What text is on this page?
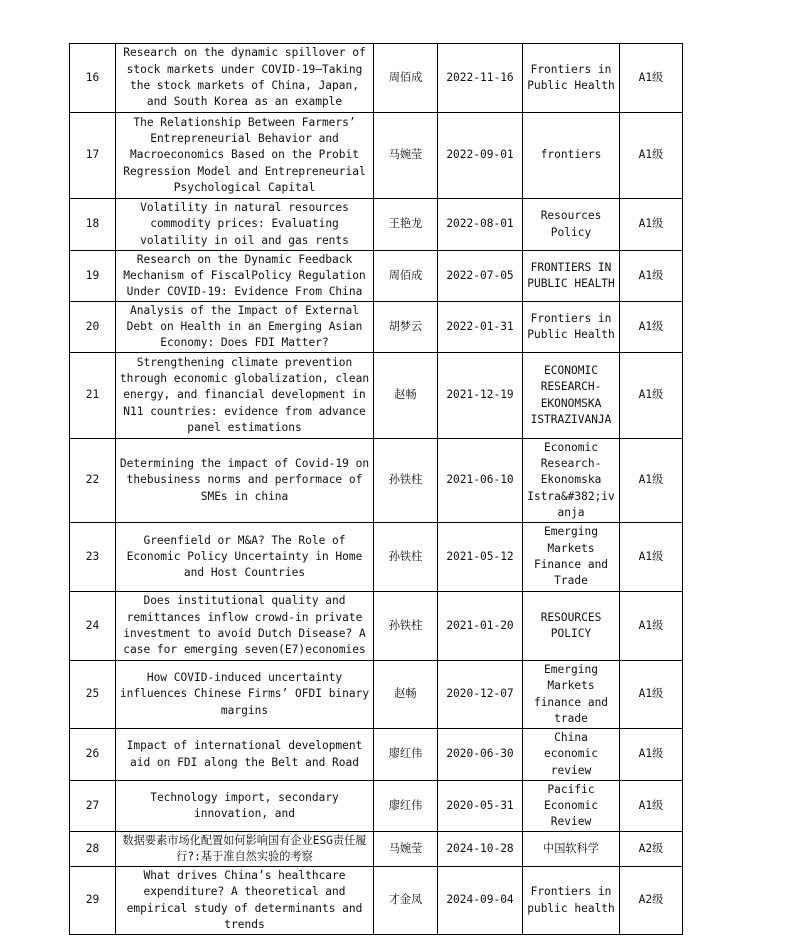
16	Research on the dynamic spillover of stock markets under COVID-19—Taking the stock markets of China, Japan, and South Korea as an example	周佰成	2022-11-16	Frontiers in Public Health	A1级
17	The Relationship Between Farmers’ Entrepreneurial Behavior and Macroeconomics Based on the Probit Regression Model and Entrepreneurial Psychological Capital	马婉莹	2022-09-01	frontiers	A1级
18	Volatility in natural resources commodity prices: Evaluating volatility in oil and gas rents	王艳龙	2022-08-01	Resources Policy	A1级
19	Research on the Dynamic Feedback Mechanism of FiscalPolicy Regulation Under COVID-19: Evidence From China	周佰成	2022-07-05	FRONTIERS IN PUBLIC HEALTH	A1级
20	Analysis of the Impact of External Debt on Health in an Emerging Asian Economy: Does FDI Matter?	胡梦云	2022-01-31	Frontiers in Public Health	A1级
21	Strengthening climate prevention through economic globalization, clean energy, and financial development in N11 countries: evidence from advance panel estimations	赵畅	2021-12-19	ECONOMIC RESEARCH-EKONOMSKA ISTRAZIVANJA	A1级
22	Determining the impact of Covid-19 on thebusiness norms and performace of SMEs in china	孙铁柱	2021-06-10	Economic Research-Ekonomska Istra&#382;ivanja	A1级
23	Greenfield or M&A? The Role of Economic Policy Uncertainty in Home and Host Countries	孙铁柱	2021-05-12	Emerging Markets Finance and Trade	A1级
24	Does institutional quality and remittances inflow crowd-in private investment to avoid Dutch Disease? A case for emerging seven(E7)economies	孙铁柱	2021-01-20	RESOURCES POLICY	A1级
25	How COVID-induced uncertainty influences Chinese Firms’ OFDI binary margins	赵畅	2020-12-07	Emerging Markets finance and trade	A1级
26	Impact of international development aid on FDI along the Belt and Road	廖红伟	2020-06-30	China economic review	A1级
27	Technology import, secondary innovation, and	廖红伟	2020-05-31	Pacific Economic Review	A1级
28	数据要素市场化配置如何影响国有企业ESG责任履行?:基于准自然实验的考察	马婉莹	2024-10-28	中国软科学	A2级
29	What drives China’s healthcare expenditure? A theoretical and empirical study of determinants and trends	才金凤	2024-09-04	Frontiers in public health	A2级
